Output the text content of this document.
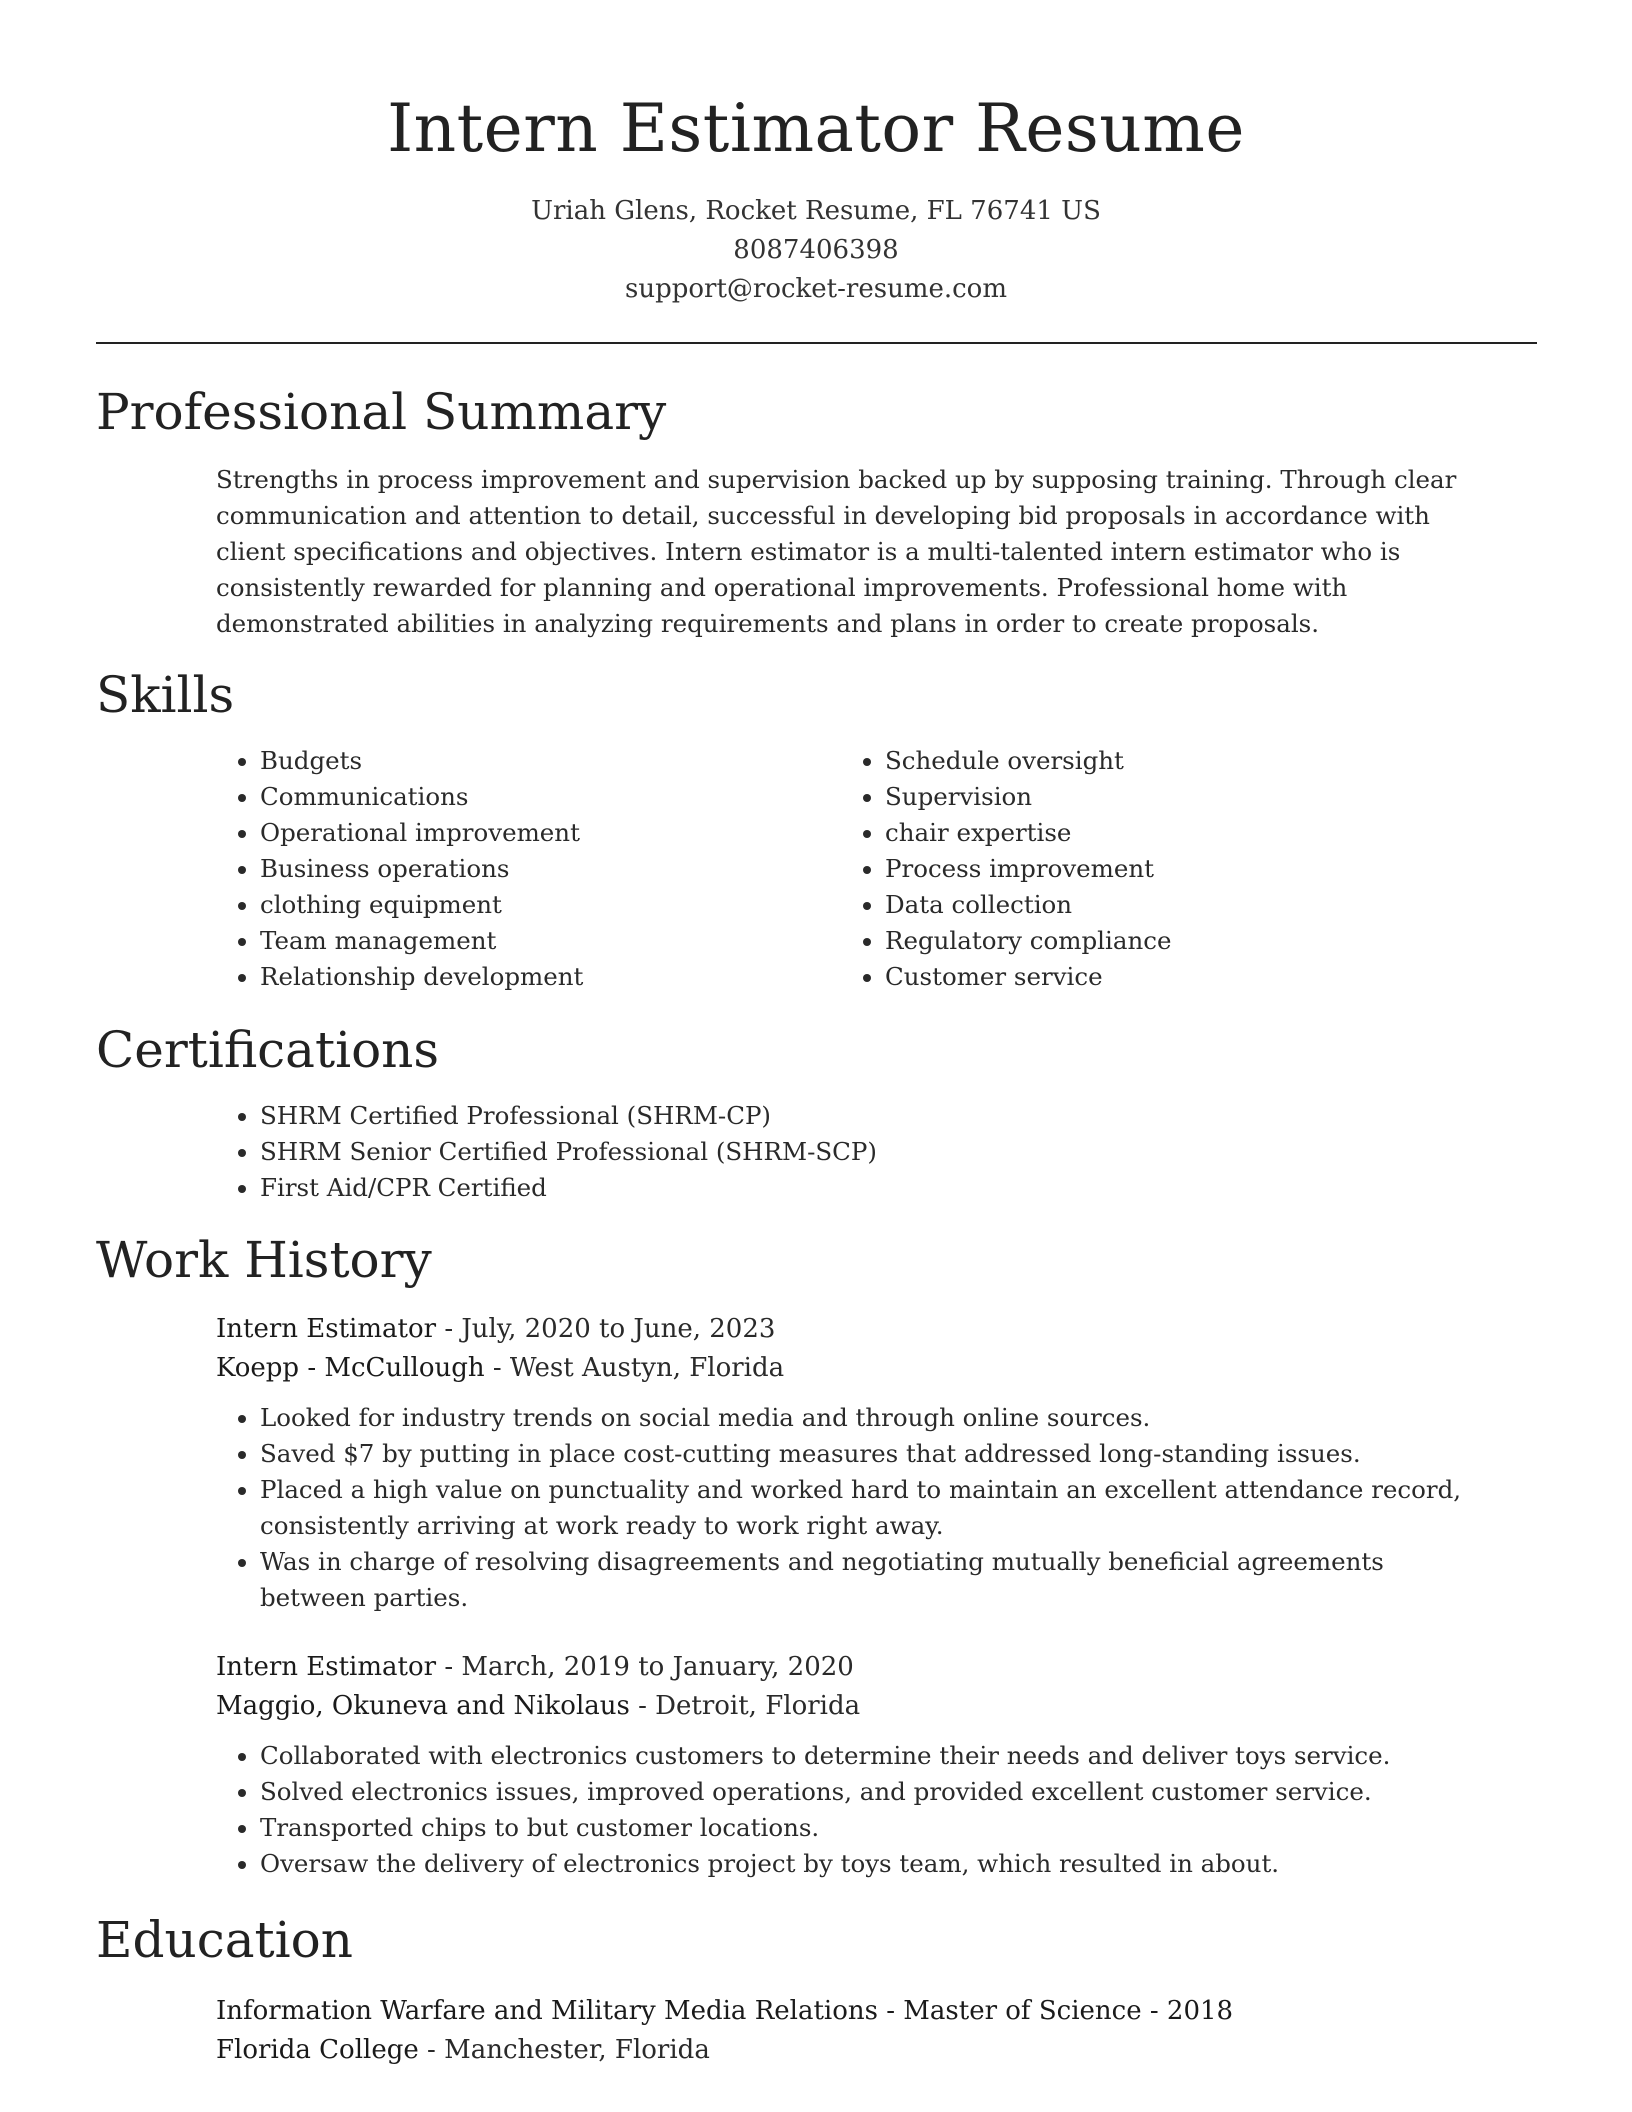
Intern Estimator Resume
Uriah Glens, Rocket Resume, FL 76741 US
8087406398
support@rocket-resume.com
Professional Summary
Strengths in process improvement and supervision backed up by supposing training. Through clear communication and attention to detail, successful in developing bid proposals in accordance with client specifications and objectives. Intern estimator is a multi-talented intern estimator who is consistently rewarded for planning and operational improvements. Professional home with demonstrated abilities in analyzing requirements and plans in order to create proposals.
Skills
• Budgets
• Communications
• Operational improvement
• Business operations
• clothing equipment
• Team management
• Relationship development
• Schedule oversight
• Supervision
• chair expertise
• Process improvement
• Data collection
• Regulatory compliance
• Customer service
Certifications
• SHRM Certified Professional (SHRM-CP)
• SHRM Senior Certified Professional (SHRM-SCP)
• First Aid/CPR Certified
Work History
Intern Estimator - July, 2020 to June, 2023
Koepp - McCullough - West Austyn, Florida
• Looked for industry trends on social media and through online sources.
• Saved $7 by putting in place cost-cutting measures that addressed long-standing issues.
• Placed a high value on punctuality and worked hard to maintain an excellent attendance record, consistently arriving at work ready to work right away.
• Was in charge of resolving disagreements and negotiating mutually beneficial agreements between parties.
Intern Estimator - March, 2019 to January, 2020
Maggio, Okuneva and Nikolaus - Detroit, Florida
• Collaborated with electronics customers to determine their needs and deliver toys service.
• Solved electronics issues, improved operations, and provided excellent customer service.
• Transported chips to but customer locations.
• Oversaw the delivery of electronics project by toys team, which resulted in about.
Education
Information Warfare and Military Media Relations - Master of Science - 2018
Florida College - Manchester, Florida
